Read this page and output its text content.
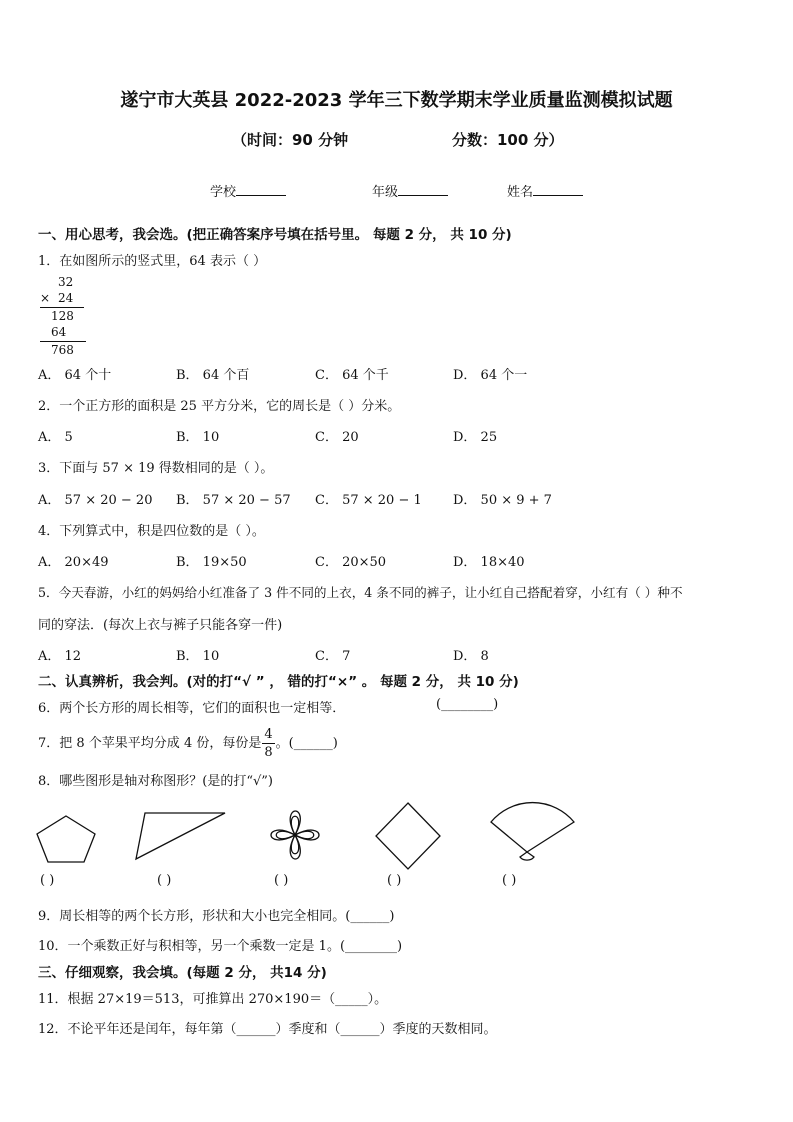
遂宁市大英县 2022-2023 学年三下数学期末学业质量监测模拟试题
（时间：90 分钟	分数：100 分）
学校	年级	姓名
一、用心思考，我会选。(把正确答案序号填在括号里。 每题 2 分， 共 10 分)
1．在如图所示的竖式里，64 表示（ ）
32
× 24
128
64
768
A． 64 个十	B． 64 个百	C． 64 个千	D． 64 个一
2．一个正方形的面积是 25 平方分米，它的周长是（ ）分米。
A． 5	B． 10	C． 20	D． 25
3．下面与 57 × 19 得数相同的是（ ）。
A． 57 × 20 − 20 B． 57 × 20 − 57 C． 57 × 20 − 1 D． 50 × 9 + 7
4．下列算式中，积是四位数的是（ ）。
A． 20×49	B． 19×50	C． 20×50	D． 18×40
5．今天春游，小红的妈妈给小红准备了 3 件不同的上衣，4 条不同的裤子，让小红自己搭配着穿，小红有（ ）种不
同的穿法．(每次上衣与裤子只能各穿一件)
A． 12	B． 10	C． 7	D． 8
二、认真辨析，我会判。(对的打“√ ” ， 错的打“×” 。 每题 2 分， 共 10 分)
6．两个长方形的周长相等，它们的面积也一定相等．	(________)
7．把 8 个苹果平均分成 4 份，每份是 $\frac{4}{8}$ 。(______)
8．哪些图形是轴对称图形？(是的打“√”)
( )	( )	( )	( )	( )
9．周长相等的两个长方形，形状和大小也完全相同。(______)
10．一个乘数正好与积相等，另一个乘数一定是 1。(________)
三、仔细观察，我会填。(每题 2 分， 共14 分)
11．根据 27×19＝513，可推算出 270×190＝（_____）。
12．不论平年还是闰年，每年第（______）季度和（______）季度的天数相同。
